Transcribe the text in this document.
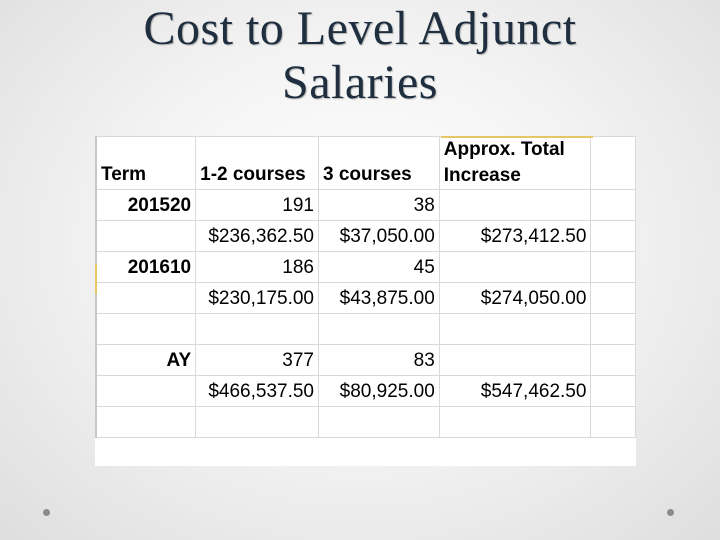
Cost to Level Adjunct
Salaries
Term	1-2 courses	3 courses	Approx. Total
Increase	

201520	191	38		
	$236,362.50	$37,050.00	$273,412.50	
201610	186	45		
	$230,175.00	$43,875.00	$274,050.00	

AY	377	83		
	$466,537.50	$80,925.00	$547,462.50	
